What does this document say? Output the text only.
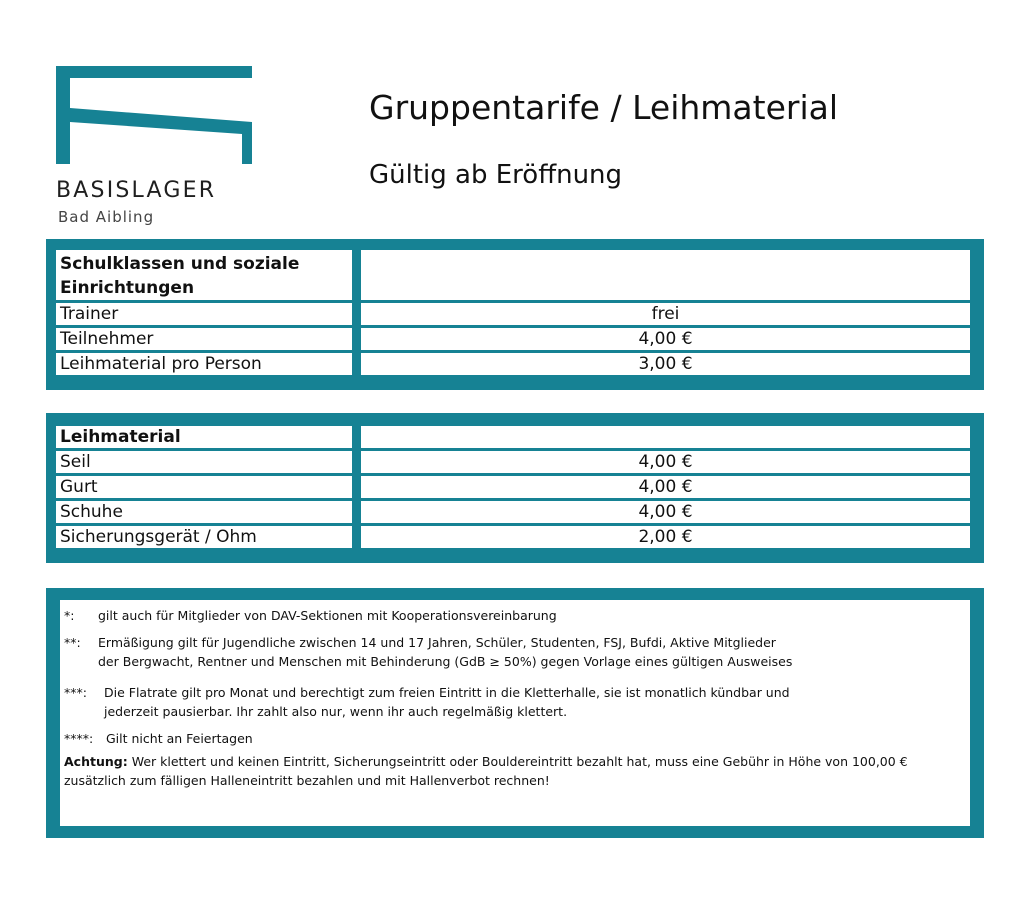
BASISLAGER
Bad Aibling
Gruppentarife / Leihmaterial
Gültig ab Eröffnung
Schulklassen und soziale Einrichtungen
Trainer	frei
Teilnehmer	4,00 €
Leihmaterial pro Person	3,00 €
Leihmaterial
Seil	4,00 €
Gurt	4,00 €
Schuhe	4,00 €
Sicherungsgerät / Ohm	2,00 €
*:	gilt auch für Mitglieder von DAV-Sektionen mit Kooperationsvereinbarung
**:	Ermäßigung gilt für Jugendliche zwischen 14 und 17 Jahren, Schüler, Studenten, FSJ, Bufdi, Aktive Mitglieder der Bergwacht, Rentner und Menschen mit Behinderung (GdB ≥ 50%) gegen Vorlage eines gültigen Ausweises
***:	Die Flatrate gilt pro Monat und berechtigt zum freien Eintritt in die Kletterhalle, sie ist monatlich kündbar und jederzeit pausierbar. Ihr zahlt also nur, wenn ihr auch regelmäßig klettert.
****:	Gilt nicht an Feiertagen
Achtung: Wer klettert und keinen Eintritt, Sicherungseintritt oder Bouldereintritt bezahlt hat, muss eine Gebühr in Höhe von 100,00 € zusätzlich zum fälligen Halleneintritt bezahlen und mit Hallenverbot rechnen!
